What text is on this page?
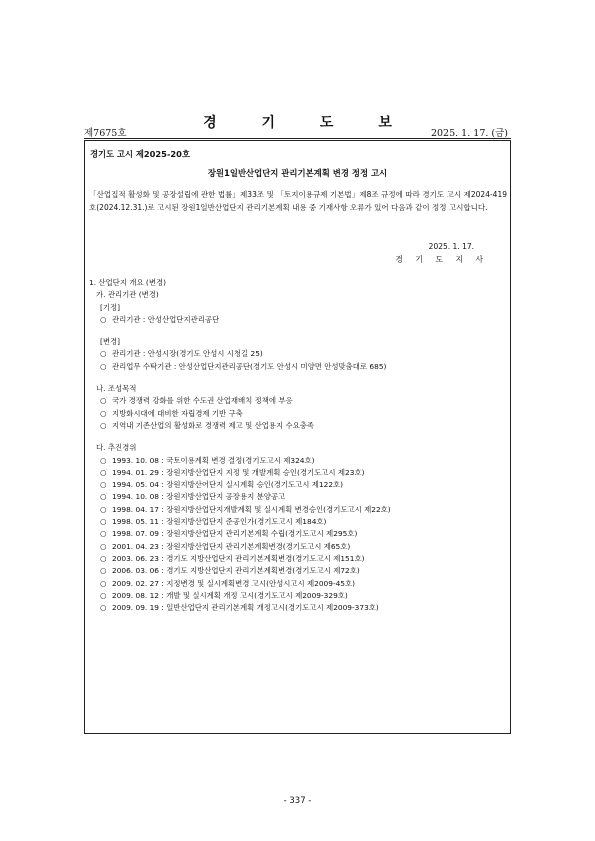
경 기 도 보
제7675호	2025. 1. 17. (금)
경기도 고시 제2025-20호
장원1일반산업단지 관리기본계획 변경 정정 고시
「산업집적 활성화 및 공장설립에 관한 법률」제33조 및 「토지이용규제 기본법」제8조 규정에 따라 경기도 고시 제2024-419호(2024.12.31.)로 고시된 장원1일반산업단지 관리기본계획 내용 중 기재사항 오류가 있어 다음과 같이 정정 고시합니다.
2025. 1. 17.
경 기 도 지 사
1. 산업단지 개요 (변경)
가. 관리기관 (변경)
[기정]
○ 관리기관 : 안성산업단지관리공단
[변경]
○ 관리기관 : 안성시장(경기도 안성시 시청길 25)
○ 관리업무 수탁기관 : 안성산업단지관리공단(경기도 안성시 미양면 안성맞춤대로 685)
나. 조성목적
○ 국가 경쟁력 강화를 위한 수도권 산업재배치 정책에 부응
○ 지방화시대에 대비한 자립경제 기반 구축
○ 지역내 기존산업의 활성화로 경쟁력 제고 및 산업용지 수요충족
다. 추진경위
○ 1993. 10. 08 : 국토이용계획 변경 결정(경기도고시 제324호)
○ 1994. 01. 29 : 장원지방산업단지 지정 및 개발계획 승인(경기도고시 제23호)
○ 1994. 05. 04 : 장원지방산어단지 실시계획 승인(경기도고시 제122호)
○ 1994. 10. 08 : 장원지방산업단지 공장용지 분양공고
○ 1998. 04. 17 : 장원지방산업단지개발계획 및 실시계획 변경승인(경기도고시 제22호)
○ 1998. 05. 11 : 장원지방산업단지 준공인가(경기도고시 제184호)
○ 1998. 07. 09 : 장원지방산업단지 관리기본계획 수립(경기도고시 제295호)
○ 2001. 04. 23 : 장원지방산업단지 관리기본계획변경(경기도고시 제65호)
○ 2003. 06. 23 : 경기도 지방산업단지 관리기본계획변경(경기도고시 제151호)
○ 2006. 03. 06 : 경기도 지방산업단지 관리기본계획변경(경기도고시 제72호)
○ 2009. 02. 27 : 지정변경 및 실시계획변경 고시(안성시고시 제2009-45호)
○ 2009. 08. 12 : 개발 및 실시계획 개정 고시(경기도고시 제2009-329호)
○ 2009. 09. 19 : 일반산업단지 관리기본계획 개정고시(경기도고시 제2009-373호)
- 337 -
